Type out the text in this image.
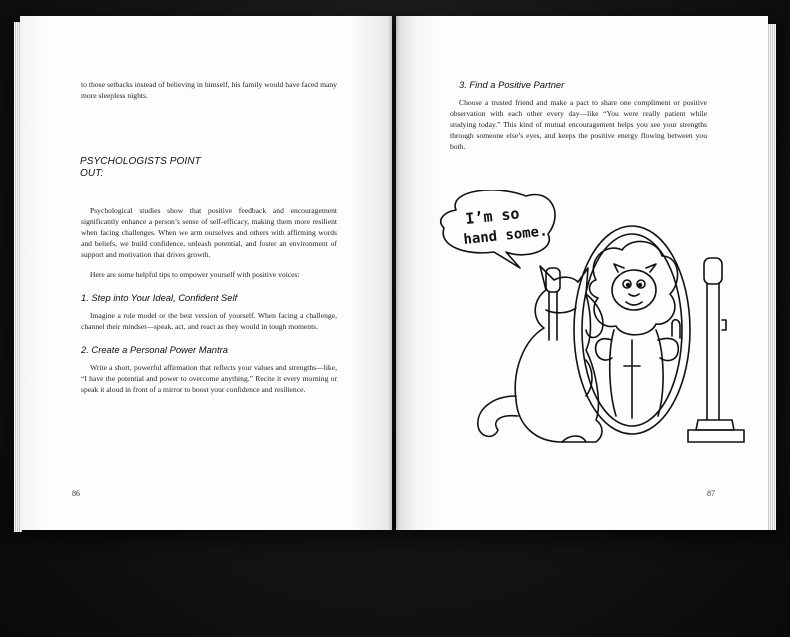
to those setbacks instead of believing in himself, his family would have faced many more sleepless nights.

PSYCHOLOGISTS POINT OUT:

Psychological studies show that positive feedback and encouragement significantly enhance a person’s sense of self-efficacy, making them more resilient when facing challenges. When we arm ourselves and others with affirming words and beliefs, we build confidence, unleash potential, and foster an environment of support and motivation that drives growth.

Here are some helpful tips to empower yourself with positive voices:

1. Step into Your Ideal, Confident Self

Imagine a role model or the best version of yourself. When facing a challenge, channel their mindset—speak, act, and react as they would in tough moments.

2. Create a Personal Power Mantra

Write a short, powerful affirmation that reflects your values and strengths—like, “I have the potential and power to overcome anything.” Recite it every morning or speak it aloud in front of a mirror to boost your confidence and resilience.

86
3. Find a Positive Partner

Choose a trusted friend and make a pact to share one compliment or positive observation with each other every day—like “You were really patient while studying today.” This kind of mutual encouragement helps you see your strengths through someone else’s eyes, and keeps the positive energy flowing between you both.

I’m so
hand some.
87
